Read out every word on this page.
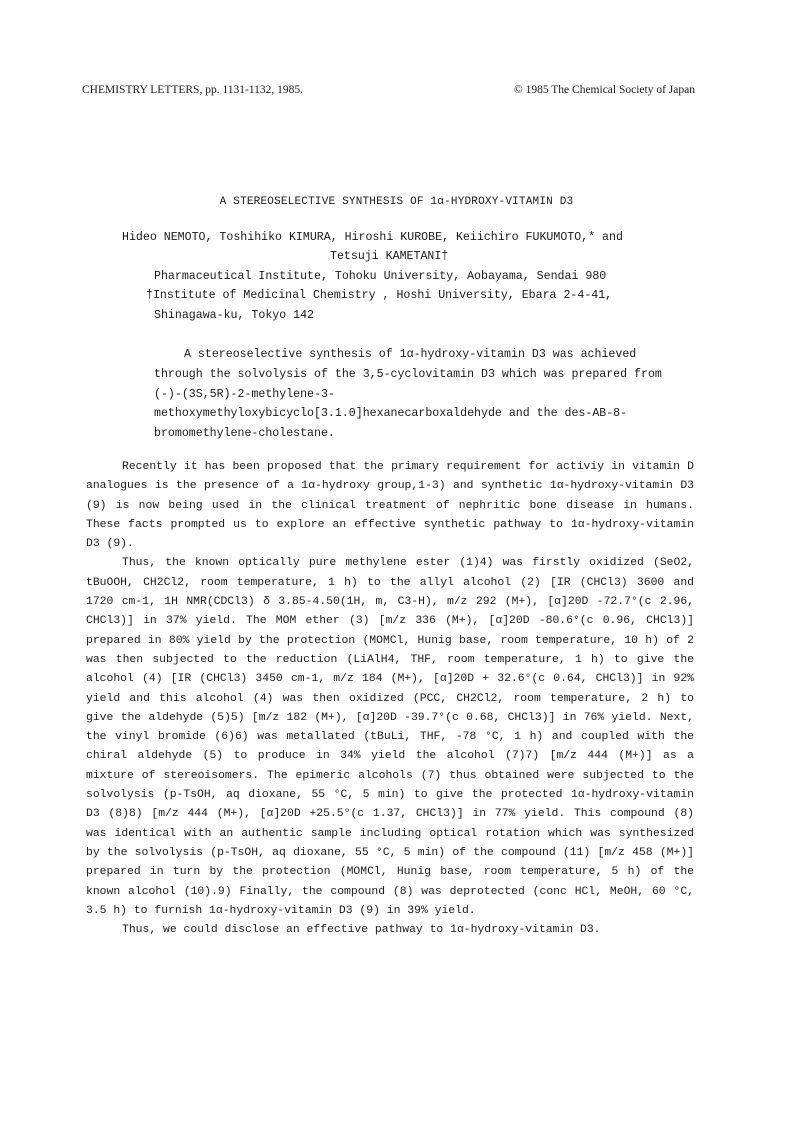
CHEMISTRY LETTERS, pp. 1131-1132, 1985.	© 1985 The Chemical Society of Japan
A STEREOSELECTIVE SYNTHESIS OF 1α-HYDROXY-VITAMIN D3
Hideo NEMOTO, Toshihiko KIMURA, Hiroshi KUROBE, Keiichiro FUKUMOTO,* and
Tetsuji KAMETANI†
Pharmaceutical Institute, Tohoku University, Aobayama, Sendai 980
†Institute of Medicinal Chemistry , Hoshi University, Ebara 2-4-41,
Shinagawa-ku, Tokyo 142
A stereoselective synthesis of 1α-hydroxy-vitamin D3 was achieved through the solvolysis of the 3,5-cyclovitamin D3 which was prepared from (-)-(3S,5R)-2-methylene-3-methoxymethyloxybicyclo[3.1.0]hexanecarboxaldehyde and the des-AB-8-bromomethylene-cholestane.

Recently it has been proposed that the primary requirement for activiy in vitamin D analogues is the presence of a 1α-hydroxy group,1-3) and synthetic 1α-hydroxy-vitamin D3 (9) is now being used in the clinical treatment of nephritic bone disease in humans. These facts prompted us to explore an effective synthetic pathway to 1α-hydroxy-vitamin D3 (9).

Thus, the known optically pure methylene ester (1)4) was firstly oxidized (SeO2, tBuOOH, CH2Cl2, room temperature, 1 h) to the allyl alcohol (2) [IR (CHCl3) 3600 and 1720 cm-1, 1H NMR(CDCl3) δ 3.85-4.50(1H, m, C3-H), m/z 292 (M+), [α]20D -72.7°(c 2.96, CHCl3)] in 37% yield. The MOM ether (3) [m/z 336 (M+), [α]20D -80.6°(c 0.96, CHCl3)] prepared in 80% yield by the protection (MOMCl, Hunig base, room temperature, 10 h) of 2 was then subjected to the reduction (LiAlH4, THF, room temperature, 1 h) to give the alcohol (4) [IR (CHCl3) 3450 cm-1, m/z 184 (M+), [α]20D + 32.6°(c 0.64, CHCl3)] in 92% yield and this alcohol (4) was then oxidized (PCC, CH2Cl2, room temperature, 2 h) to give the aldehyde (5)5) [m/z 182 (M+), [α]20D -39.7°(c 0.68, CHCl3)] in 76% yield. Next, the vinyl bromide (6)6) was metallated (tBuLi, THF, -78 °C, 1 h) and coupled with the chiral aldehyde (5) to produce in 34% yield the alcohol (7)7) [m/z 444 (M+)] as a mixture of stereoisomers. The epimeric alcohols (7) thus obtained were subjected to the solvolysis (p-TsOH, aq dioxane, 55 °C, 5 min) to give the protected 1α-hydroxy-vitamin D3 (8)8) [m/z 444 (M+), [α]20D +25.5°(c 1.37, CHCl3)] in 77% yield. This compound (8) was identical with an authentic sample including optical rotation which was synthesized by the solvolysis (p-TsOH, aq dioxane, 55 °C, 5 min) of the compound (11) [m/z 458 (M+)] prepared in turn by the protection (MOMCl, Hunig base, room temperature, 5 h) of the known alcohol (10).9) Finally, the compound (8) was deprotected (conc HCl, MeOH, 60 °C, 3.5 h) to furnish 1α-hydroxy-vitamin D3 (9) in 39% yield.

Thus, we could disclose an effective pathway to 1α-hydroxy-vitamin D3.
